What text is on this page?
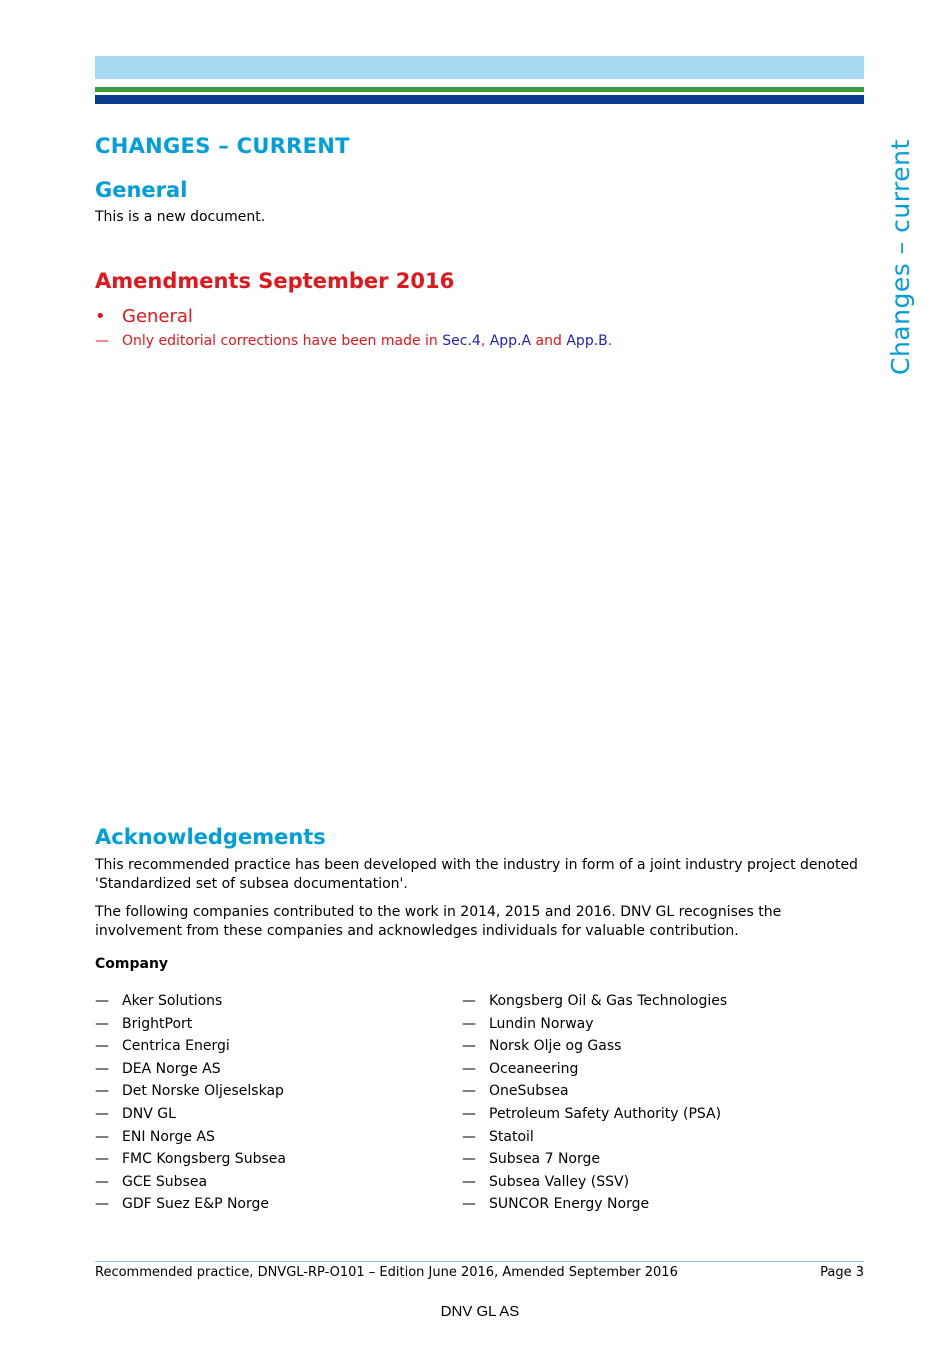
Changes – current
CHANGES – CURRENT
General

This is a new document.

Amendments September 2016
• General
— Only editorial corrections have been made in Sec.4, App.A and App.B.
Acknowledgements

This recommended practice has been developed with the industry in form of a joint industry project denoted 'Standardized set of subsea documentation'.

The following companies contributed to the work in 2014, 2015 and 2016. DNV GL recognises the involvement from these companies and acknowledges individuals for valuable contribution.

Company
— Aker Solutions
— BrightPort
— Centrica Energi
— DEA Norge AS
— Det Norske Oljeselskap
— DNV GL
— ENI Norge AS
— FMC Kongsberg Subsea
— GCE Subsea
— GDF Suez E&P Norge
— Kongsberg Oil & Gas Technologies
— Lundin Norway
— Norsk Olje og Gass
— Oceaneering
— OneSubsea
— Petroleum Safety Authority (PSA)
— Statoil
— Subsea 7 Norge
— Subsea Valley (SSV)
— SUNCOR Energy Norge
Recommended practice, DNVGL-RP-O101 – Edition June 2016, Amended September 2016	Page 3
DNV GL AS
